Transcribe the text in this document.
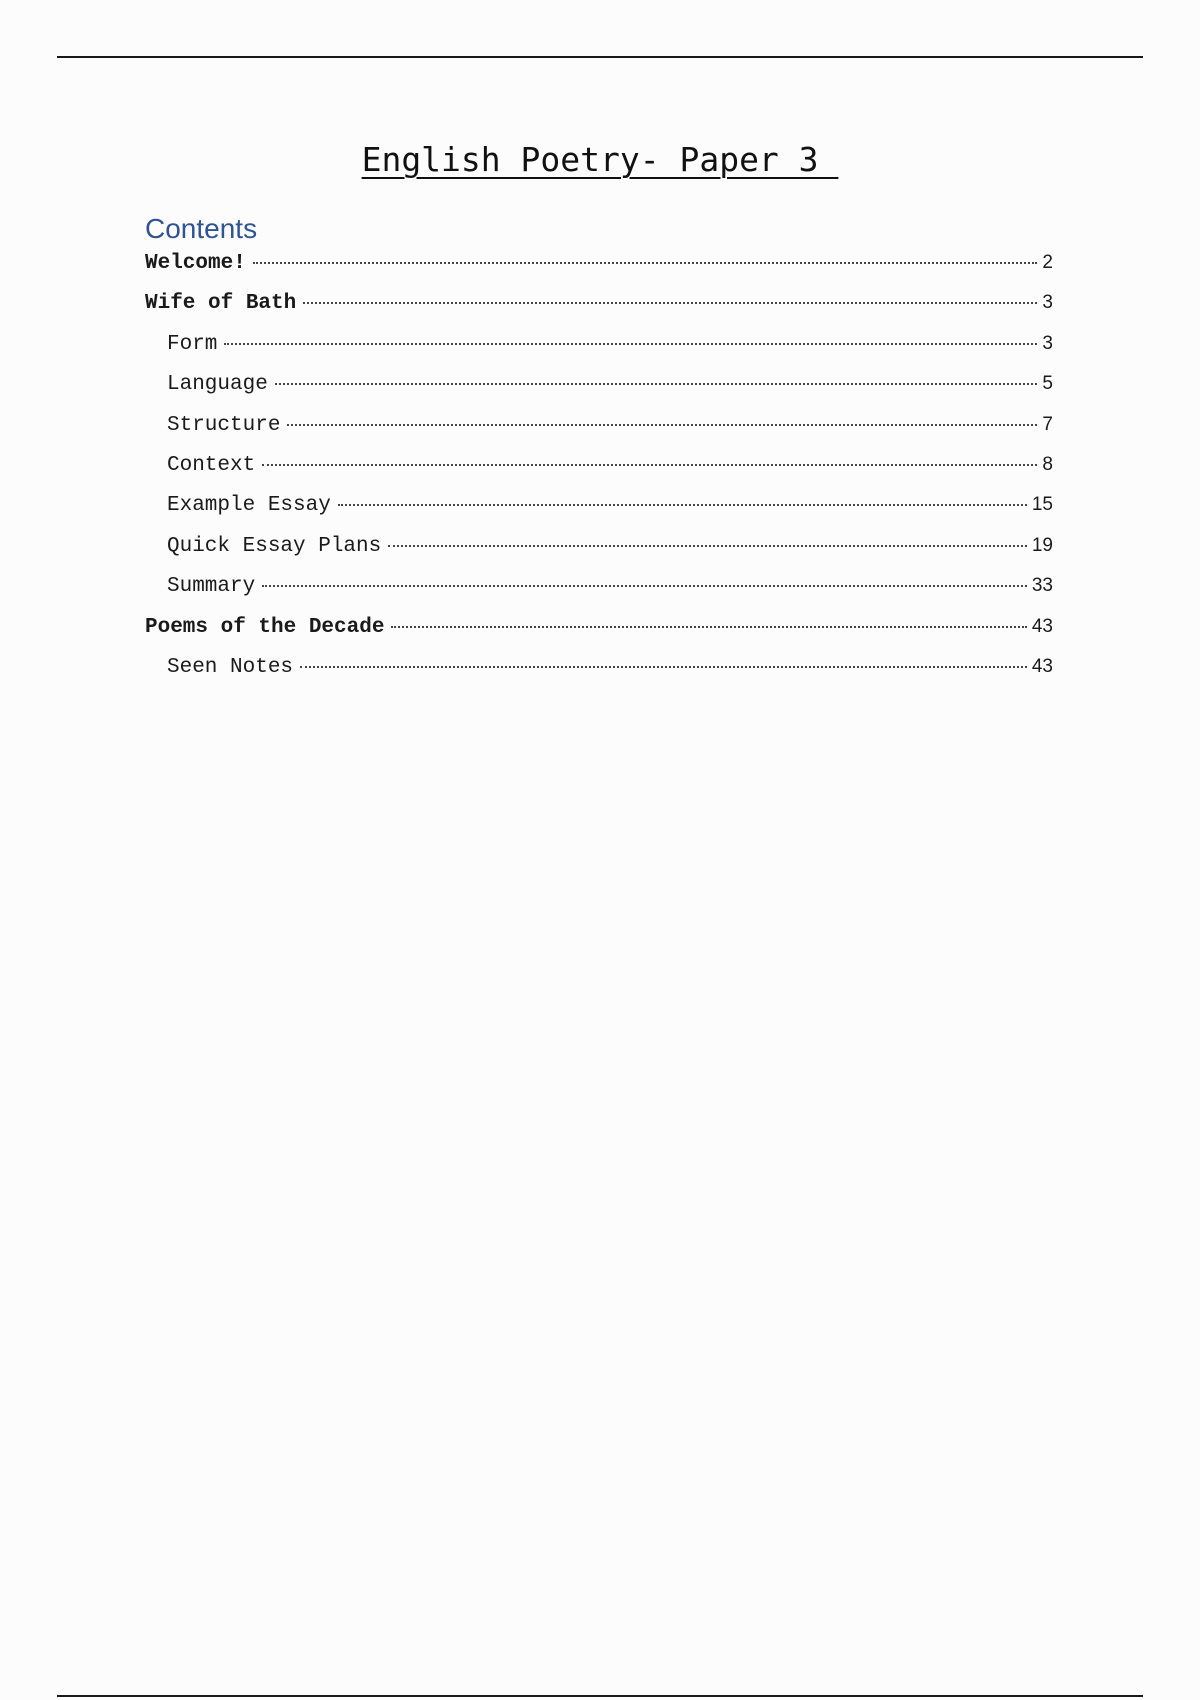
English Poetry- Paper 3
Contents
Welcome!	2
Wife of Bath	3
Form	3
Language	5
Structure	7
Context	8
Example Essay	15
Quick Essay Plans	19
Summary	33
Poems of the Decade	43
Seen Notes	43
